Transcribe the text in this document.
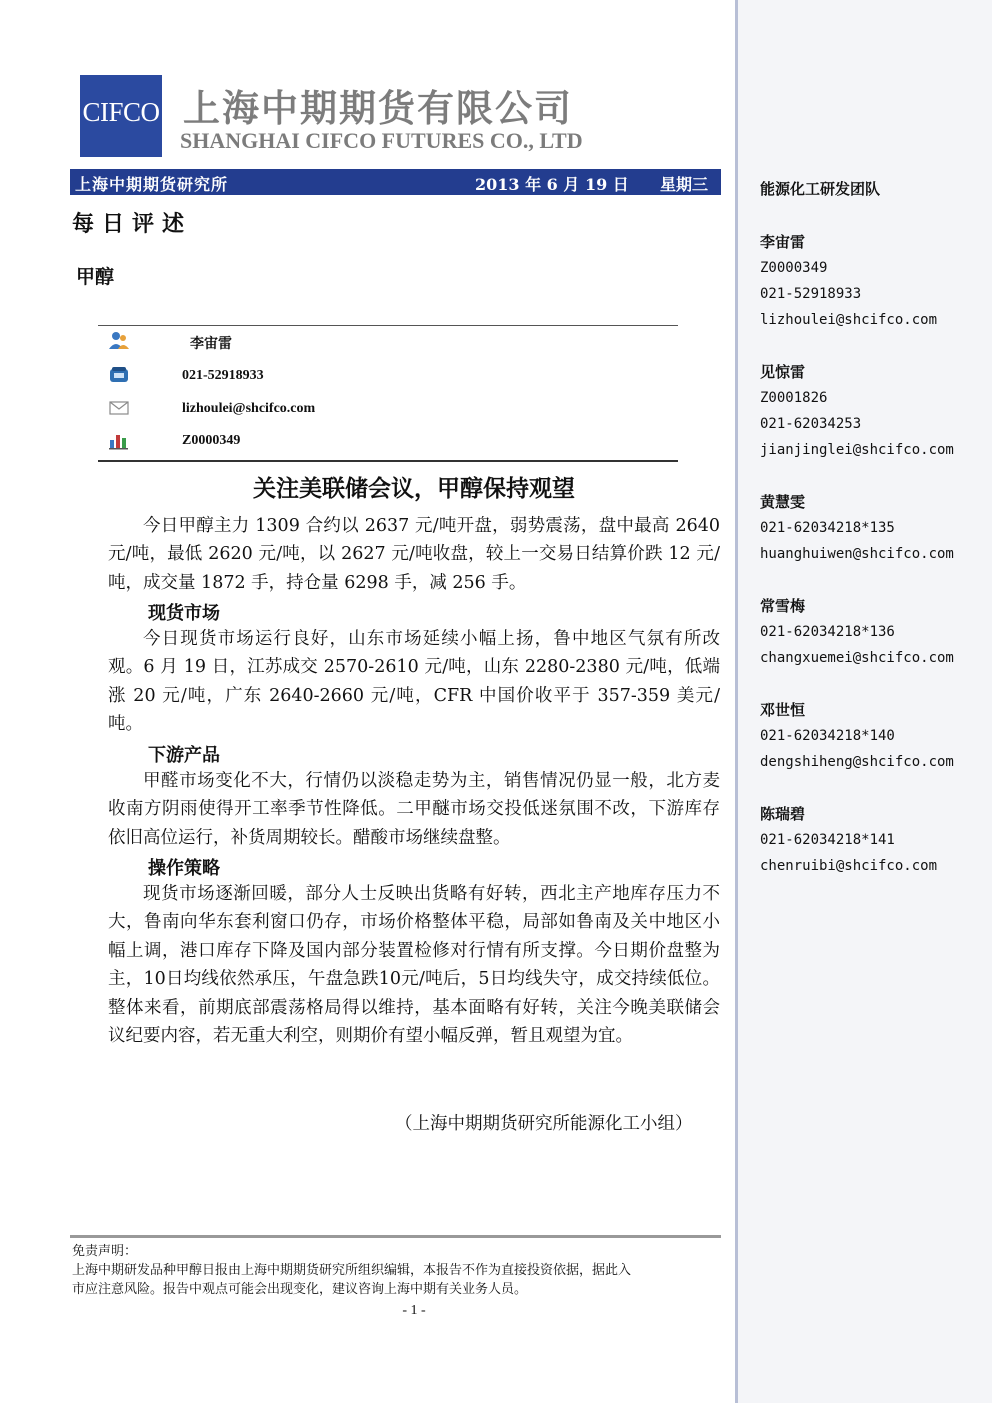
能源化工研发团队
李宙雷
Z0000349
021-52918933
lizhoulei@shcifco.com
见惊雷
Z0001826
021-62034253
jianjinglei@shcifco.com
黄慧雯
021-62034218*135
huanghuiwen@shcifco.com
常雪梅
021-62034218*136
changxuemei@shcifco.com
邓世恒
021-62034218*140
dengshiheng@shcifco.com
陈瑞碧
021-62034218*141
chenruibi@shcifco.com
CIFCO 上海中期期货有限公司
SHANGHAI CIFCO FUTURES CO., LTD
上海中期期货研究所	2013 年 6 月 19 日 星期三
每日评述
甲醇
李宙雷
021-52918933
lizhoulei@shcifco.com
Z0000349
关注美联储会议，甲醇保持观望

今日甲醇主力 1309 合约以 2637 元/吨开盘，弱势震荡，盘中最高 2640 元/吨，最低 2620 元/吨，以 2627 元/吨收盘，较上一交易日结算价跌 12 元/吨，成交量 1872 手，持仓量 6298 手，减 256 手。

现货市场

今日现货市场运行良好，山东市场延续小幅上扬，鲁中地区气氛有所改观。6 月 19 日，江苏成交 2570-2610 元/吨，山东 2280-2380 元/吨，低端涨 20 元/吨，广东 2640-2660 元/吨，CFR 中国价收平于 357-359 美元/吨。

下游产品

甲醛市场变化不大，行情仍以淡稳走势为主，销售情况仍显一般，北方麦收南方阴雨使得开工率季节性降低。二甲醚市场交投低迷氛围不改，下游库存依旧高位运行，补货周期较长。醋酸市场继续盘整。

操作策略

现货市场逐渐回暖，部分人士反映出货略有好转，西北主产地库存压力不大，鲁南向华东套利窗口仍存，市场价格整体平稳，局部如鲁南及关中地区小幅上调，港口库存下降及国内部分装置检修对行情有所支撑。今日期价盘整为主，10日均线依然承压，午盘急跌10元/吨后，5日均线失守，成交持续低位。整体来看，前期底部震荡格局得以维持，基本面略有好转，关注今晚美联储会议纪要内容，若无重大利空，则期价有望小幅反弹，暂且观望为宜。

（上海中期期货研究所能源化工小组）
免责声明：
上海中期研发品种甲醇日报由上海中期期货研究所组织编辑，本报告不作为直接投资依据，据此入
市应注意风险。报告中观点可能会出现变化，建议咨询上海中期有关业务人员。
- 1 -
